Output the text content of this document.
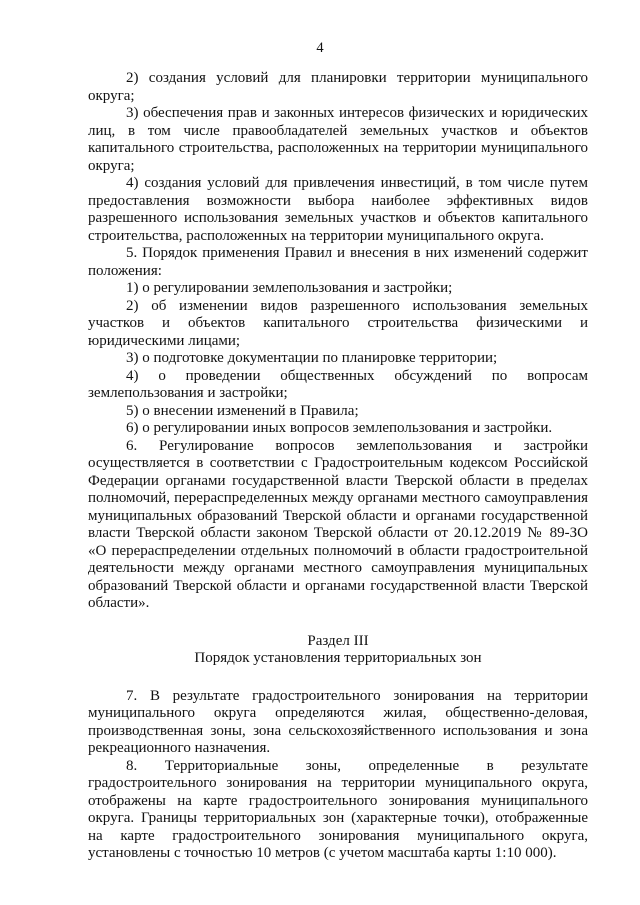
4

2) создания условий для планировки территории муниципального округа;

3) обеспечения прав и законных интересов физических и юридических лиц, в том числе правообладателей земельных участков и объектов капитального строительства, расположенных на территории муниципального округа;

4) создания условий для привлечения инвестиций, в том числе путем предоставления возможности выбора наиболее эффективных видов разрешенного использования земельных участков и объектов капитального строительства, расположенных на территории муниципального округа.

5. Порядок применения Правил и внесения в них изменений содержит положения:

1) о регулировании землепользования и застройки;

2) об изменении видов разрешенного использования земельных участков и объектов капитального строительства физическими и юридическими лицами;

3) о подготовке документации по планировке территории;

4) о проведении общественных обсуждений по вопросам землепользования и застройки;

5) о внесении изменений в Правила;

6) о регулировании иных вопросов землепользования и застройки.

6. Регулирование вопросов землепользования и застройки осуществляется в соответствии с Градостроительным кодексом Российской Федерации органами государственной власти Тверской области в пределах полномочий, перераспределенных между органами местного самоуправления муниципальных образований Тверской области и органами государственной власти Тверской области законом Тверской области от 20.12.2019 № 89-ЗО «О перераспределении отдельных полномочий в области градостроительной деятельности между органами местного самоуправления муниципальных образований Тверской области и органами государственной власти Тверской области».

Раздел III

Порядок установления территориальных зон

7. В результате градостроительного зонирования на территории муниципального округа определяются жилая, общественно-деловая, производственная зоны, зона сельскохозяйственного использования и зона рекреационного назначения.

8. Территориальные зоны, определенные в результате градостроительного зонирования на территории муниципального округа, отображены на карте градостроительного зонирования муниципального округа. Границы территориальных зон (характерные точки), отображенные на карте градостроительного зонирования муниципального округа, установлены с точностью 10 метров (с учетом масштаба карты 1:10 000).
